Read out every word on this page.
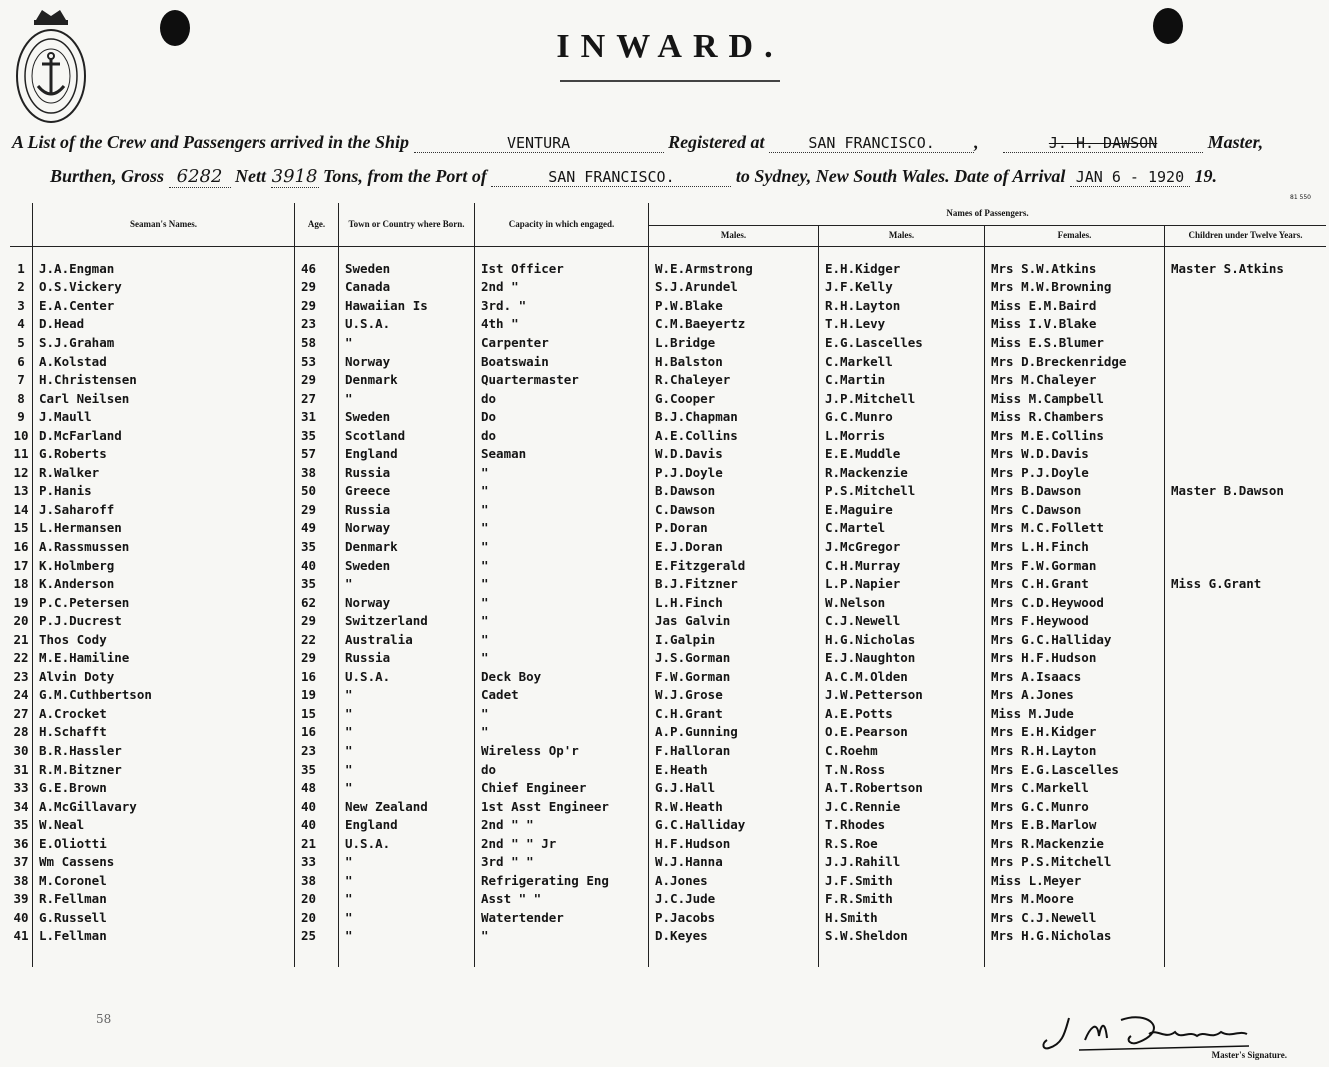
INWARD.
A List of the Crew and Passengers arrived in the Ship	VENTURA	Registered at	SAN FRANCISCO. ,	J. H. DAWSON	Master,
Burthen, Gross 6282 Nett 3918 Tons, from the Port of	SAN FRANCISCO.	to Sydney, New South Wales. Date of Arrival JAN 6 - 1920 19.
81 550
	Seaman's Names.	Age.	Town or Country where Born.	Capacity in which engaged.	Names of Passengers.			
					Males.	Males.	Females.	Children under Twelve Years.
1	J.A.Engman	46	Sweden	Ist Officer	W.E.Armstrong	E.H.Kidger	Mrs S.W.Atkins	Master S.Atkins
2	O.S.Vickery	29	Canada	2nd "	S.J.Arundel	J.F.Kelly	Mrs M.W.Browning	
3	E.A.Center	29	Hawaiian Is	3rd. "	P.W.Blake	R.H.Layton	Miss E.M.Baird	
4	D.Head	23	U.S.A.	4th "	C.M.Baeyertz	T.H.Levy	Miss I.V.Blake	
5	S.J.Graham	58	"	Carpenter	L.Bridge	E.G.Lascelles	Miss E.S.Blumer	
6	A.Kolstad	53	Norway	Boatswain	H.Balston	C.Markell	Mrs D.Breckenridge	
7	H.Christensen	29	Denmark	Quartermaster	R.Chaleyer	C.Martin	Mrs M.Chaleyer	
8	Carl Neilsen	27	"	do	G.Cooper	J.P.Mitchell	Miss M.Campbell	
9	J.Maull	31	Sweden	Do	B.J.Chapman	G.C.Munro	Miss R.Chambers	
10	D.McFarland	35	Scotland	do	A.E.Collins	L.Morris	Mrs M.E.Collins	
11	G.Roberts	57	England	Seaman	W.D.Davis	E.E.Muddle	Mrs W.D.Davis	
12	R.Walker	38	Russia	"	P.J.Doyle	R.Mackenzie	Mrs P.J.Doyle	
13	P.Hanis	50	Greece	"	B.Dawson	P.S.Mitchell	Mrs B.Dawson	Master B.Dawson
14	J.Saharoff	29	Russia	"	C.Dawson	E.Maguire	Mrs C.Dawson	
15	L.Hermansen	49	Norway	"	P.Doran	C.Martel	Mrs M.C.Follett	
16	A.Rassmussen	35	Denmark	"	E.J.Doran	J.McGregor	Mrs L.H.Finch	
17	K.Holmberg	40	Sweden	"	E.Fitzgerald	C.H.Murray	Mrs F.W.Gorman	
18	K.Anderson	35	"	"	B.J.Fitzner	L.P.Napier	Mrs C.H.Grant	Miss G.Grant
19	P.C.Petersen	62	Norway	"	L.H.Finch	W.Nelson	Mrs C.D.Heywood	
20	P.J.Ducrest	29	Switzerland	"	Jas Galvin	C.J.Newell	Mrs F.Heywood	
21	Thos Cody	22	Australia	"	I.Galpin	H.G.Nicholas	Mrs G.C.Halliday	
22	M.E.Hamiline	29	Russia	"	J.S.Gorman	E.J.Naughton	Mrs H.F.Hudson	
23	Alvin Doty	16	U.S.A.	Deck Boy	F.W.Gorman	A.C.M.Olden	Mrs A.Isaacs	
24	G.M.Cuthbertson	19	"	Cadet	W.J.Grose	J.W.Petterson	Mrs A.Jones	
27	A.Crocket	15	"	"	C.H.Grant	A.E.Potts	Miss M.Jude	
28	H.Schafft	16	"	"	A.P.Gunning	O.E.Pearson	Mrs E.H.Kidger	
30	B.R.Hassler	23	"	Wireless Op'r	F.Halloran	C.Roehm	Mrs R.H.Layton	
31	R.M.Bitzner	35	"	do	E.Heath	T.N.Ross	Mrs E.G.Lascelles	
33	G.E.Brown	48	"	Chief Engineer	G.J.Hall	A.T.Robertson	Mrs C.Markell	
34	A.McGillavary	40	New Zealand	1st Asst Engineer	R.W.Heath	J.C.Rennie	Mrs G.C.Munro	
35	W.Neal	40	England	2nd " "	G.C.Halliday	T.Rhodes	Mrs E.B.Marlow	
36	E.Oliotti	21	U.S.A.	2nd " " Jr	H.F.Hudson	R.S.Roe	Mrs R.Mackenzie	
37	Wm Cassens	33	"	3rd " "	W.J.Hanna	J.J.Rahill	Mrs P.S.Mitchell	
38	M.Coronel	38	"	Refrigerating Eng	A.Jones	J.F.Smith	Miss L.Meyer	
39	R.Fellman	20	"	Asst " "	J.C.Jude	F.R.Smith	Mrs M.Moore	
40	G.Russell	20	"	Watertender	P.Jacobs	H.Smith	Mrs C.J.Newell	
41	L.Fellman	25	"	"	D.Keyes	S.W.Sheldon	Mrs H.G.Nicholas	
58
Master's Signature.
